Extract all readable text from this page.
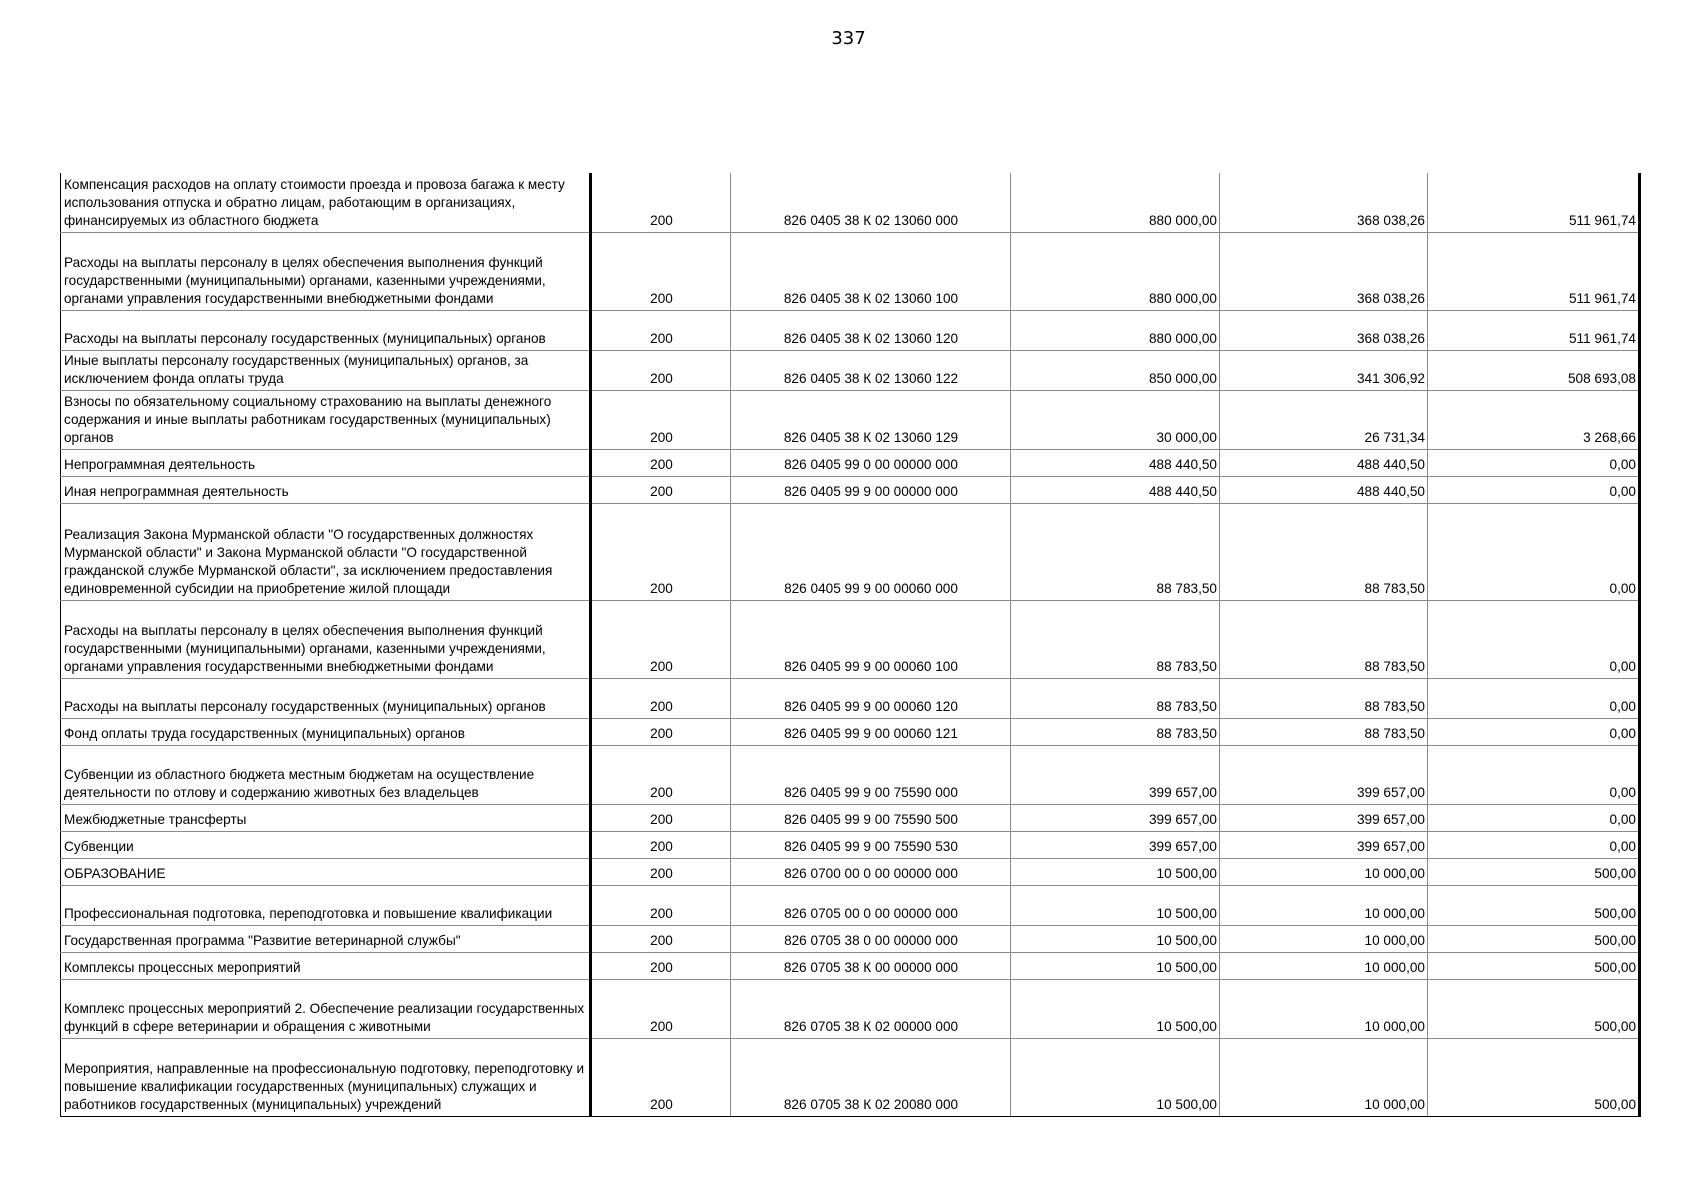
337
Компенсация расходов на оплату стоимости проезда и провоза багажа к месту использования отпуска и обратно лицам, работающим в организациях, финансируемых из областного бюджета	200	826 0405 38 К 02 13060 000	880 000,00	368 038,26	511 961,74
Расходы на выплаты персоналу в целях обеспечения выполнения функций государственными (муниципальными) органами, казенными учреждениями, органами управления государственными внебюджетными фондами	200	826 0405 38 К 02 13060 100	880 000,00	368 038,26	511 961,74
Расходы на выплаты персоналу государственных (муниципальных) органов	200	826 0405 38 К 02 13060 120	880 000,00	368 038,26	511 961,74
Иные выплаты персоналу государственных (муниципальных) органов, за исключением фонда оплаты труда	200	826 0405 38 К 02 13060 122	850 000,00	341 306,92	508 693,08
Взносы по обязательному социальному страхованию на выплаты денежного содержания и иные выплаты работникам государственных (муниципальных) органов	200	826 0405 38 К 02 13060 129	30 000,00	26 731,34	3 268,66
Непрограммная деятельность	200	826 0405 99 0 00 00000 000	488 440,50	488 440,50	0,00
Иная непрограммная деятельность	200	826 0405 99 9 00 00000 000	488 440,50	488 440,50	0,00
Реализация Закона Мурманской области "О государственных должностях Мурманской области" и Закона Мурманской области "О государственной гражданской службе Мурманской области", за исключением предоставления единовременной субсидии на приобретение жилой площади	200	826 0405 99 9 00 00060 000	88 783,50	88 783,50	0,00
Расходы на выплаты персоналу в целях обеспечения выполнения функций государственными (муниципальными) органами, казенными учреждениями, органами управления государственными внебюджетными фондами	200	826 0405 99 9 00 00060 100	88 783,50	88 783,50	0,00
Расходы на выплаты персоналу государственных (муниципальных) органов	200	826 0405 99 9 00 00060 120	88 783,50	88 783,50	0,00
Фонд оплаты труда государственных (муниципальных) органов	200	826 0405 99 9 00 00060 121	88 783,50	88 783,50	0,00
Субвенции из областного бюджета местным бюджетам на осуществление деятельности по отлову и содержанию животных без владельцев	200	826 0405 99 9 00 75590 000	399 657,00	399 657,00	0,00
Межбюджетные трансферты	200	826 0405 99 9 00 75590 500	399 657,00	399 657,00	0,00
Субвенции	200	826 0405 99 9 00 75590 530	399 657,00	399 657,00	0,00
ОБРАЗОВАНИЕ	200	826 0700 00 0 00 00000 000	10 500,00	10 000,00	500,00
Профессиональная подготовка, переподготовка и повышение квалификации	200	826 0705 00 0 00 00000 000	10 500,00	10 000,00	500,00
Государственная программа "Развитие ветеринарной службы"	200	826 0705 38 0 00 00000 000	10 500,00	10 000,00	500,00
Комплексы процессных мероприятий	200	826 0705 38 К 00 00000 000	10 500,00	10 000,00	500,00
Комплекс процессных мероприятий 2. Обеспечение реализации государственных функций в сфере ветеринарии и обращения с животными	200	826 0705 38 К 02 00000 000	10 500,00	10 000,00	500,00
Мероприятия, направленные на профессиональную подготовку, переподготовку и повышение квалификации государственных (муниципальных) служащих и работников государственных (муниципальных) учреждений	200	826 0705 38 К 02 20080 000	10 500,00	10 000,00	500,00
